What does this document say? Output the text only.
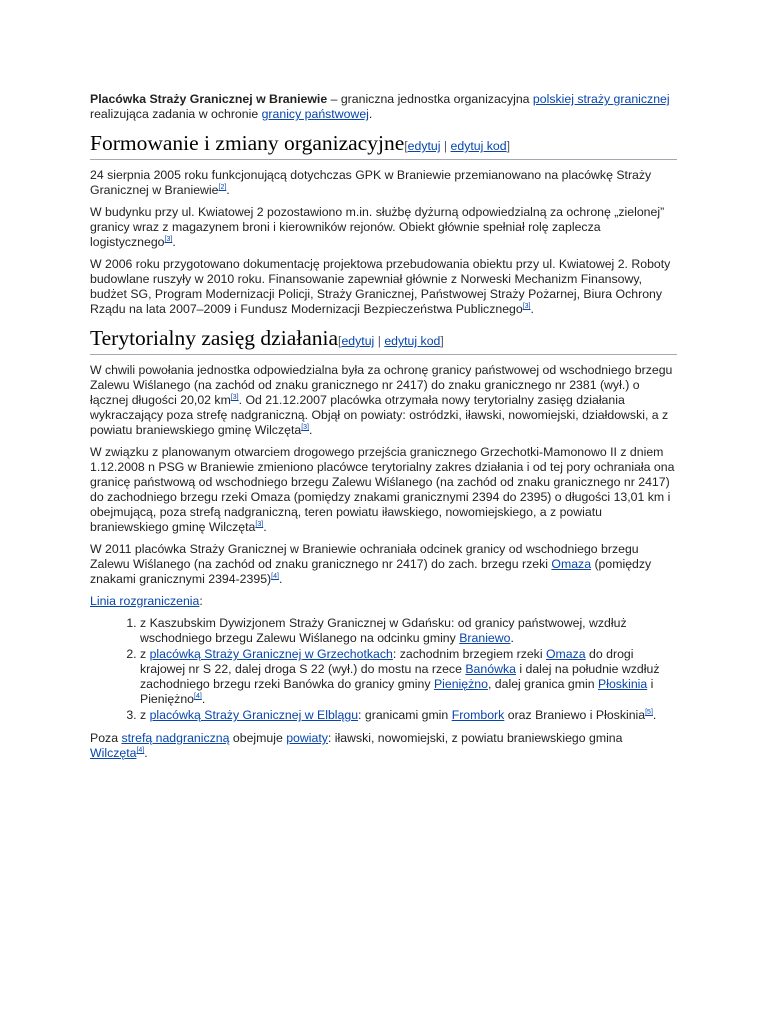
Placówka Straży Granicznej w Braniewie – graniczna jednostka organizacyjna polskiej straży granicznej realizująca zadania w ochronie granicy państwowej.

Formowanie i zmiany organizacyjne[edytuj | edytuj kod]

24 sierpnia 2005 roku funkcjonującą dotychczas GPK w Braniewie przemianowano na placówkę Straży Granicznej w Braniewie[2].

W budynku przy ul. Kwiatowej 2 pozostawiono m.in. służbę dyżurną odpowiedzialną za ochronę „zielonej” granicy wraz z magazynem broni i kierowników rejonów. Obiekt głównie spełniał rolę zaplecza logistycznego[3].

W 2006 roku przygotowano dokumentację projektowa przebudowania obiektu przy ul. Kwiatowej 2. Roboty budowlane ruszyły w 2010 roku. Finansowanie zapewniał głównie z Norweski Mechanizm Finansowy, budżet SG, Program Modernizacji Policji, Straży Granicznej, Państwowej Straży Pożarnej, Biura Ochrony Rządu na lata 2007–2009 i Fundusz Modernizacji Bezpieczeństwa Publicznego[3].

Terytorialny zasięg działania[edytuj | edytuj kod]

W chwili powołania jednostka odpowiedzialna była za ochronę granicy państwowej od wschodniego brzegu Zalewu Wiślanego (na zachód od znaku granicznego nr 2417) do znaku granicznego nr 2381 (wył.) o łącznej długości 20,02 km[3]. Od 21.12.2007 placówka otrzymała nowy terytorialny zasięg działania wykraczający poza strefę nadgraniczną. Objął on powiaty: ostródzki, iławski, nowomiejski, działdowski, a z powiatu braniewskiego gminę Wilczęta[3].

W związku z planowanym otwarciem drogowego przejścia granicznego Grzechotki-Mamonowo II z dniem 1.12.2008 n PSG w Braniewie zmieniono placówce terytorialny zakres działania i od tej pory ochraniała ona granicę państwową od wschodniego brzegu Zalewu Wiślanego (na zachód od znaku granicznego nr 2417) do zachodniego brzegu rzeki Omaza (pomiędzy znakami granicznymi 2394 do 2395) o długości 13,01 km i obejmującą, poza strefą nadgraniczną, teren powiatu iławskiego, nowomiejskiego, a z powiatu braniewskiego gminę Wilczęta[3].

W 2011 placówka Straży Granicznej w Braniewie ochraniała odcinek granicy od wschodniego brzegu Zalewu Wiślanego (na zachód od znaku granicznego nr 2417) do zach. brzegu rzeki Omaza (pomiędzy znakami granicznymi 2394-2395)[4].

Linia rozgraniczenia:

1. z Kaszubskim Dywizjonem Straży Granicznej w Gdańsku: od granicy państwowej, wzdłuż wschodniego brzegu Zalewu Wiślanego na odcinku gminy Braniewo.
2. z placówką Straży Granicznej w Grzechotkach: zachodnim brzegiem rzeki Omaza do drogi krajowej nr S 22, dalej droga S 22 (wył.) do mostu na rzece Banówka i dalej na południe wzdłuż zachodniego brzegu rzeki Banówka do granicy gminy Pieniężno, dalej granica gmin Płoskinia i Pieniężno[4].
3. z placówką Straży Granicznej w Elblągu: granicami gmin Frombork oraz Braniewo i Płoskinia[5].

Poza strefą nadgraniczną obejmuje powiaty: iławski, nowomiejski, z powiatu braniewskiego gmina Wilczęta[4].
